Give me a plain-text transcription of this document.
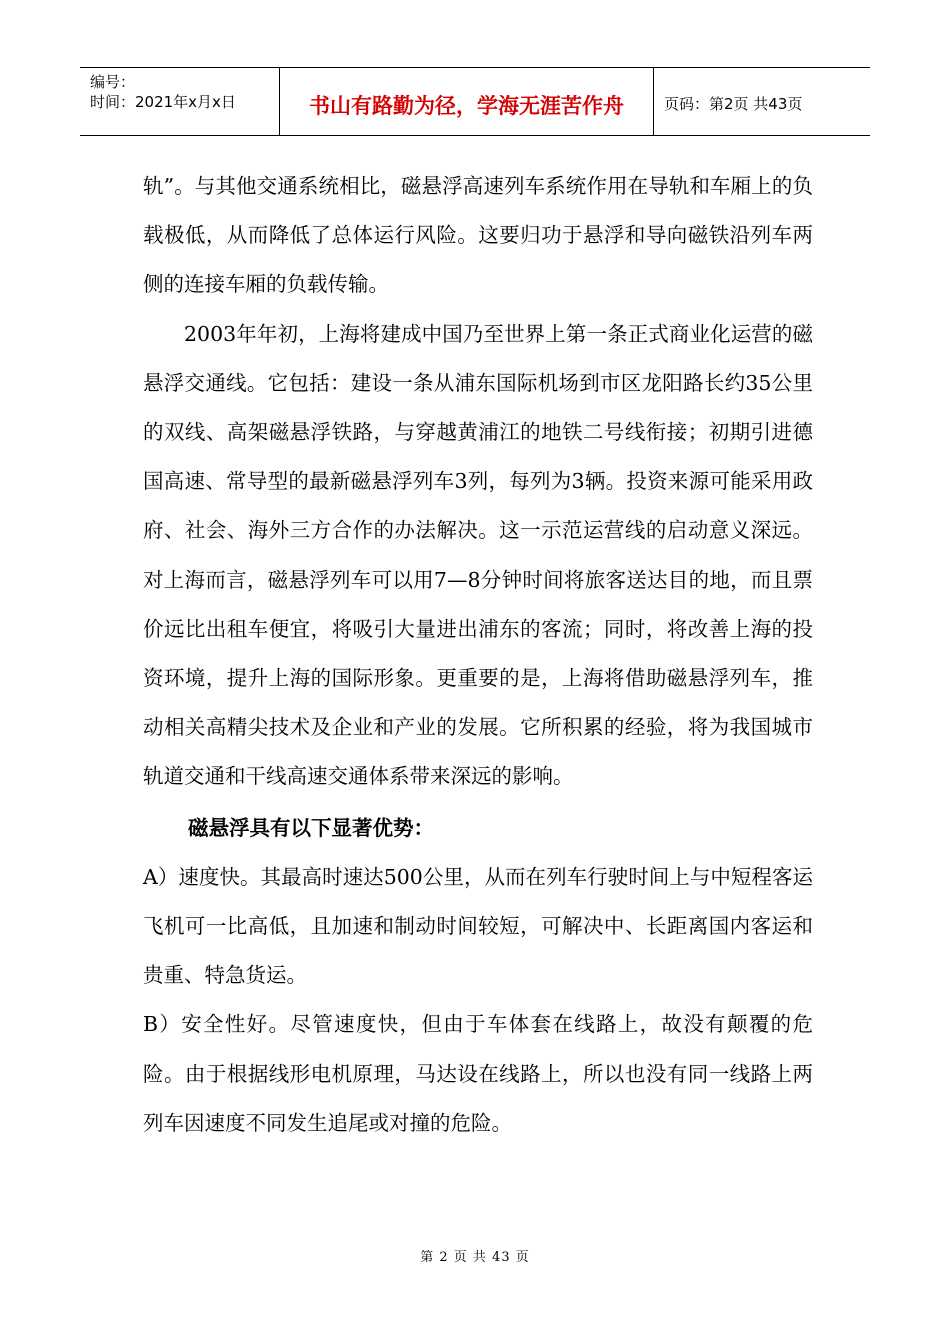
编号：
时间：2021年x月x日	书山有路勤为径，学海无涯苦作舟	页码：第2页 共43页

轨”。与其他交通系统相比，磁悬浮高速列车系统作用在导轨和车厢上的负载极低，从而降低了总体运行风险。这要归功于悬浮和导向磁铁沿列车两侧的连接车厢的负载传输。

2003年年初，上海将建成中国乃至世界上第一条正式商业化运营的磁悬浮交通线。它包括：建设一条从浦东国际机场到市区龙阳路长约35公里的双线、高架磁悬浮铁路，与穿越黄浦江的地铁二号线衔接；初期引进德国高速、常导型的最新磁悬浮列车3列，每列为3辆。投资来源可能采用政府、社会、海外三方合作的办法解决。这一示范运营线的启动意义深远。对上海而言，磁悬浮列车可以用7—8分钟时间将旅客送达目的地，而且票价远比出租车便宜，将吸引大量进出浦东的客流；同时，将改善上海的投资环境，提升上海的国际形象。更重要的是，上海将借助磁悬浮列车，推动相关高精尖技术及企业和产业的发展。它所积累的经验，将为我国城市轨道交通和干线高速交通体系带来深远的影响。

磁悬浮具有以下显著优势：

A）速度快。其最高时速达500公里，从而在列车行驶时间上与中短程客运飞机可一比高低，且加速和制动时间较短，可解决中、长距离国内客运和贵重、特急货运。

B）安全性好。尽管速度快，但由于车体套在线路上，故没有颠覆的危险。由于根据线形电机原理，马达设在线路上，所以也没有同一线路上两列车因速度不同发生追尾或对撞的危险。

第 2 页 共 43 页
